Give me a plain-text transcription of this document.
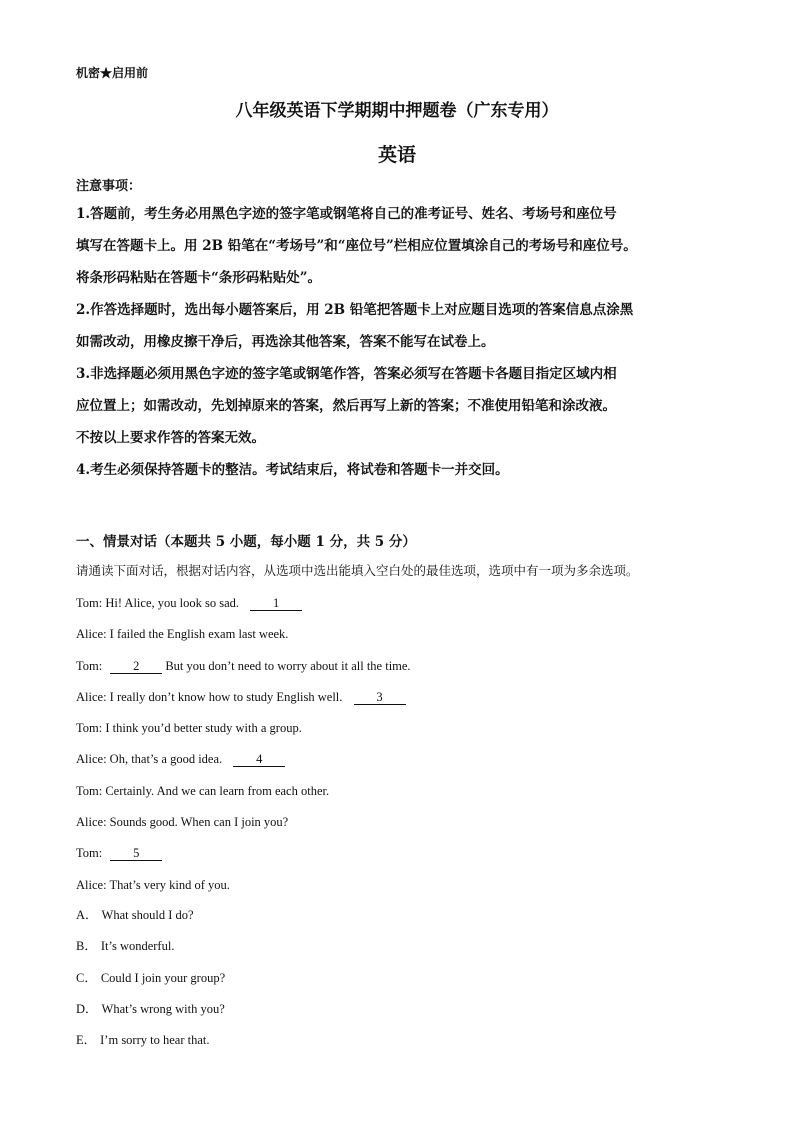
机密★启用前
八年级英语下学期期中押题卷（广东专用）
英语
注意事项：
1.答题前，考生务必用黑色字迹的签字笔或钢笔将自己的准考证号、姓名、考场号和座位号
填写在答题卡上。用 2B 铅笔在“考场号”和“座位号”栏相应位置填涂自己的考场号和座位号。
将条形码粘贴在答题卡“条形码粘贴处”。
2.作答选择题时，选出每小题答案后，用 2B 铅笔把答题卡上对应题目选项的答案信息点涂黑
如需改动，用橡皮擦干净后，再选涂其他答案，答案不能写在试卷上。
3.非选择题必须用黑色字迹的签字笔或钢笔作答，答案必须写在答题卡各题目指定区域内相
应位置上；如需改动，先划掉原来的答案，然后再写上新的答案；不准使用铅笔和涂改液。
不按以上要求作答的答案无效。
4.考生必须保持答题卡的整洁。考试结束后，将试卷和答题卡一并交回。
一、情景对话（本题共 5 小题，每小题 1 分，共 5 分）
请通读下面对话，根据对话内容，从选项中选出能填入空白处的最佳选项，选项中有一项为多余选项。
Tom: Hi! Alice, you look so sad. 1
Alice: I failed the English exam last week.
Tom: 2 But you don’t need to worry about it all the time.
Alice: I really don’t know how to study English well. 3
Tom: I think you’d better study with a group.
Alice: Oh, that’s a good idea. 4
Tom: Certainly. And we can learn from each other.
Alice: Sounds good. When can I join you?
Tom: 5
Alice: That’s very kind of you.
A． What should I do?
B． It’s wonderful.
C． Could I join your group?
D． What’s wrong with you?
E． I’m sorry to hear that.
